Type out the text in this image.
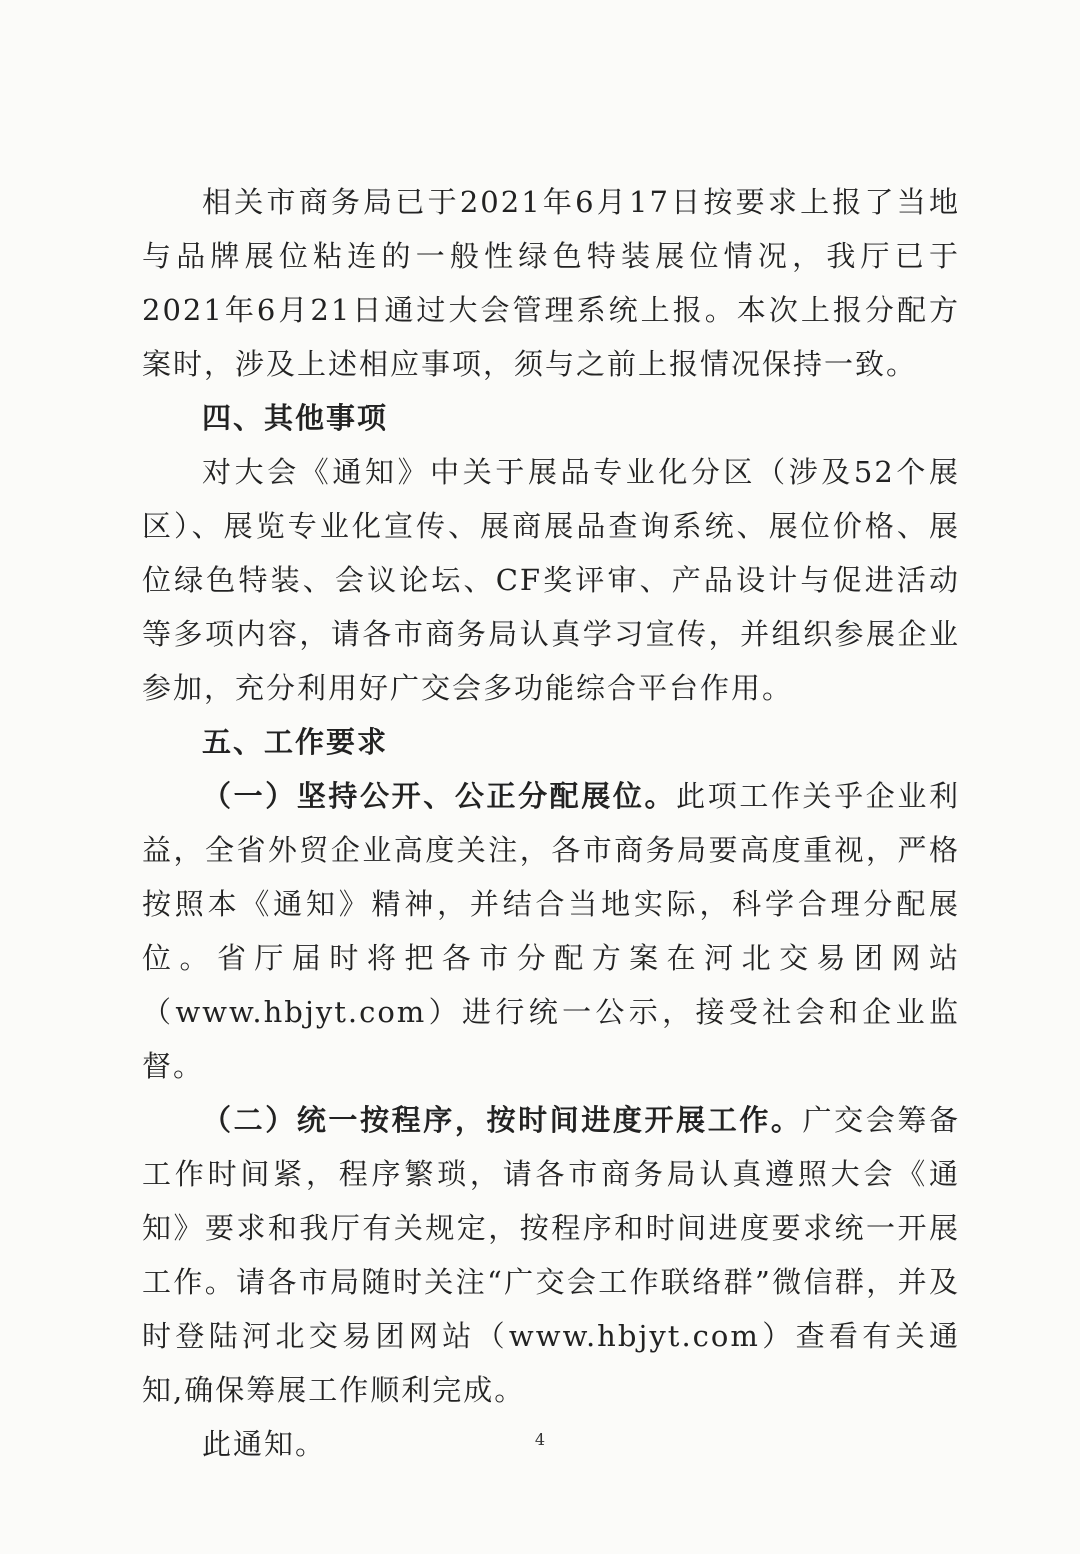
相关市商务局已于2021年6月17日按要求上报了当地与品牌展位粘连的一般性绿色特装展位情况，我厅已于2021年6月21日通过大会管理系统上报。本次上报分配方案时，涉及上述相应事项，须与之前上报情况保持一致。

四、其他事项

对大会《通知》中关于展品专业化分区（涉及52个展区）、展览专业化宣传、展商展品查询系统、展位价格、展位绿色特装、会议论坛、CF奖评审、产品设计与促进活动等多项内容，请各市商务局认真学习宣传，并组织参展企业参加，充分利用好广交会多功能综合平台作用。

五、工作要求

（一）坚持公开、公正分配展位。此项工作关乎企业利益，全省外贸企业高度关注，各市商务局要高度重视，严格按照本《通知》精神，并结合当地实际，科学合理分配展位。省厅届时将把各市分配方案在河北交易团网站（www.hbjyt.com）进行统一公示，接受社会和企业监督。

（二）统一按程序，按时间进度开展工作。广交会筹备工作时间紧，程序繁琐，请各市商务局认真遵照大会《通知》要求和我厅有关规定，按程序和时间进度要求统一开展工作。请各市局随时关注“广交会工作联络群”微信群，并及时登陆河北交易团网站（www.hbjyt.com）查看有关通知,确保筹展工作顺利完成。

此通知。	4
